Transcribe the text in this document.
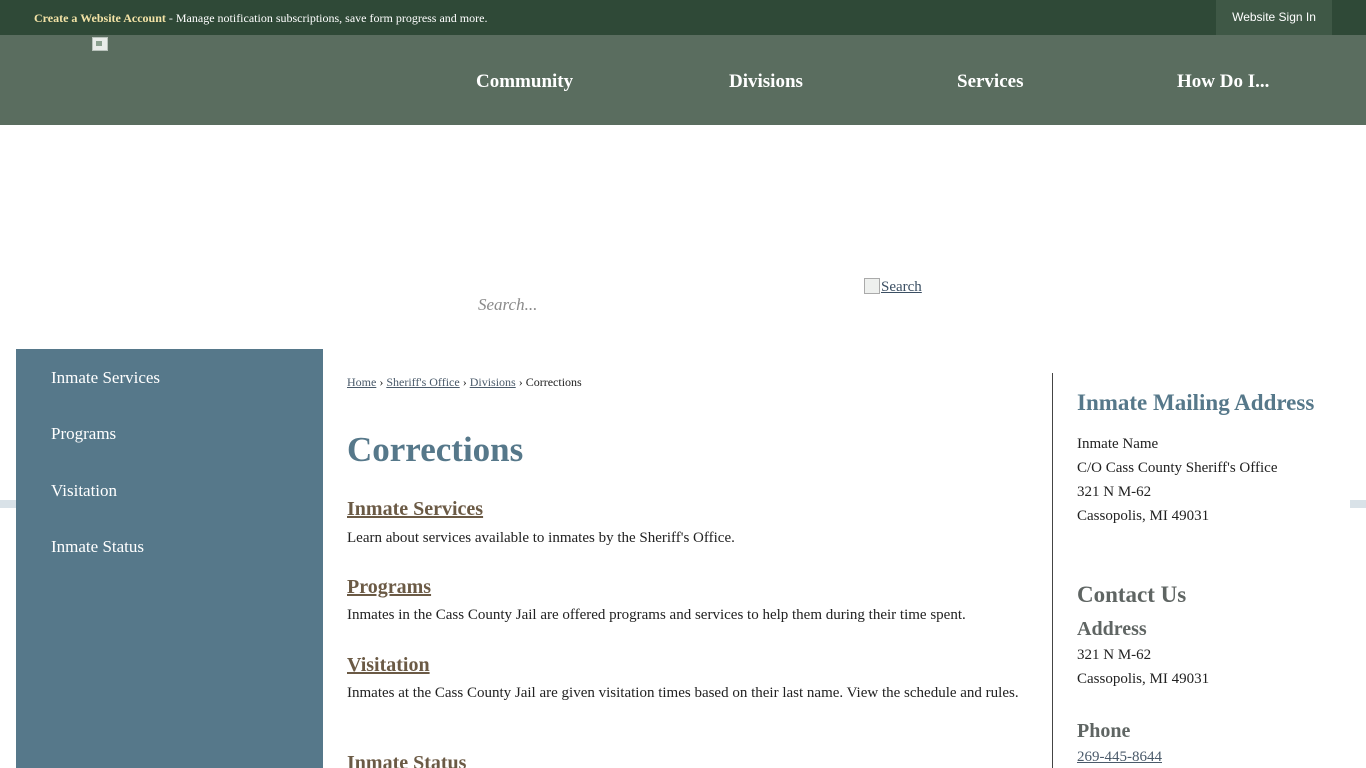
Create a Website Account - Manage notification subscriptions, save form progress and more.	Website Sign In
Community	Divisions	Services	How Do I...
Search...
Search
Inmate Services
Programs
Visitation
Inmate Status
Home › Sheriff's Office › Divisions › Corrections
Corrections
Inmate Services
Learn about services available to inmates by the Sheriff's Office.
Programs
Inmates in the Cass County Jail are offered programs and services to help them during their time spent.
Visitation
Inmates at the Cass County Jail are given visitation times based on their last name. View the schedule and rules.
Inmate Status
Inmate Mailing Address
Inmate Name
C/O Cass County Sheriff's Office
321 N M-62
Cassopolis, MI 49031
Contact Us
Address
321 N M-62
Cassopolis, MI 49031
Phone
269-445-8644
